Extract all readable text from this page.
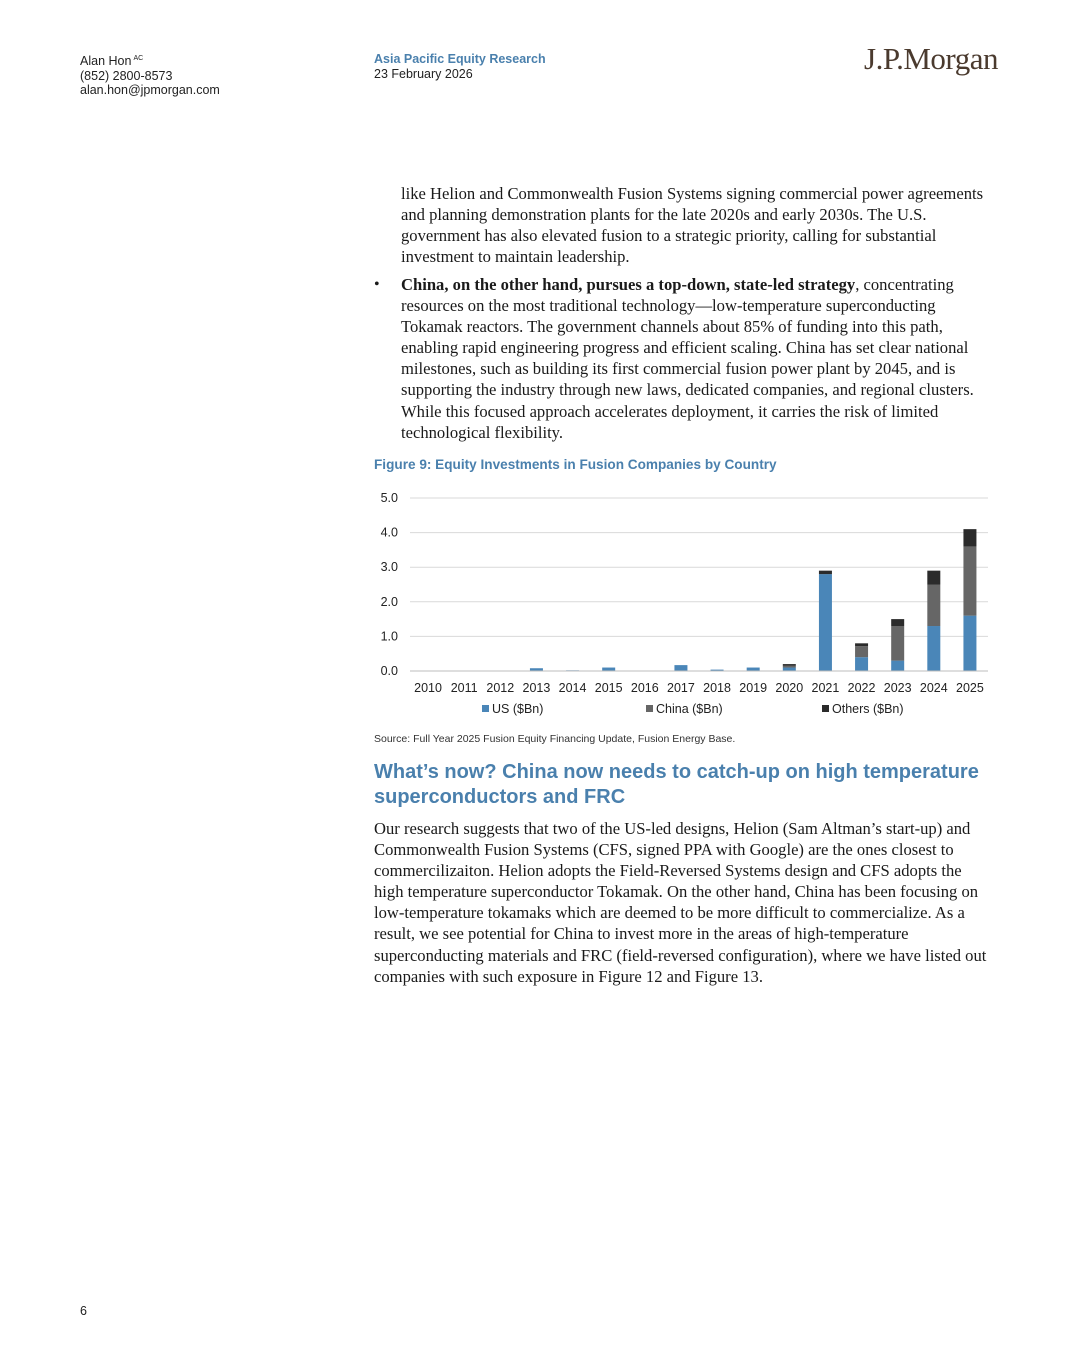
Alan Hon $^{AC}$
(852) 2800-8573
alan.hon@jpmorgan.com
Asia Pacific Equity Research
23 February 2026	J.P.Morgan
like Helion and Commonwealth Fusion Systems signing commercial power agreements and planning demonstration plants for the late 2020s and early 2030s. The U.S. government has also elevated fusion to a strategic priority, calling for substantial investment to maintain leadership.
• China, on the other hand, pursues a top-down, state-led strategy, concentrating resources on the most traditional technology—low-temperature superconducting Tokamak reactors. The government channels about 85% of funding into this path, enabling rapid engineering progress and efficient scaling. China has set clear national milestones, such as building its first commercial fusion power plant by 2045, and is supporting the industry through new laws, dedicated companies, and regional clusters. While this focused approach accelerates deployment, it carries the risk of limited technological flexibility.
Figure 9: Equity Investments in Fusion Companies by Country
5.0
4.0
3.0
2.0
1.0
0.0
2010 2011 2012 2013 2014 2015 2016 2017 2018 2019 2020 2021 2022 2023 2024 2025
US ($Bn)	China ($Bn)	Others ($Bn)
Source: Full Year 2025 Fusion Equity Financing Update, Fusion Energy Base.
What’s now? China now needs to catch-up on high temperature superconductors and FRC
Our research suggests that two of the US-led designs, Helion (Sam Altman’s start-up) and Commonwealth Fusion Systems (CFS, signed PPA with Google) are the ones closest to commercilizaiton. Helion adopts the Field-Reversed Systems design and CFS adopts the high temperature superconductor Tokamak. On the other hand, China has been focusing on low-temperature tokamaks which are deemed to be more difficult to commercialize. As a result, we see potential for China to invest more in the areas of high-temperature superconducting materials and FRC (field-reversed configuration), where we have listed out companies with such exposure in Figure 12 and Figure 13.
6
